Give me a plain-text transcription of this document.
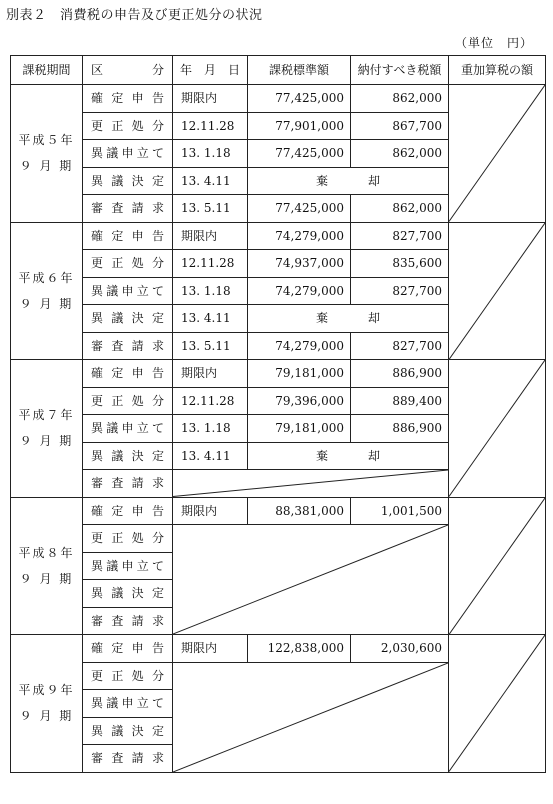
別表２　消費税の申告及び更正処分の状況
（単位　円）
課税期間	区　　分	年　月　日	課税標準額	納付すべき税額	重加算税の額

平成５年
９ 月 期	確定申告	期限内	77,425,000	862,000	

	更正処分	12.11.28	77,901,000	867,700	
	異議申立て	13. 1.18	77,425,000	862,000	
	異議決定	13. 4.11	棄却		
	審査請求	13. 5.11	77,425,000	862,000	

平成６年
９ 月 期	確定申告	期限内	74,279,000	827,700	

	更正処分	12.11.28	74,937,000	835,600	
	異議申立て	13. 1.18	74,279,000	827,700	
	異議決定	13. 4.11	棄却		
	審査請求	13. 5.11	74,279,000	827,700	

平成７年
９ 月 期	確定申告	期限内	79,181,000	886,900	

	更正処分	12.11.28	79,396,000	889,400	
	異議申立て	13. 1.18	79,181,000	886,900	
	異議決定	13. 4.11	棄却		
	審査請求	

平成８年
９ 月 期	確定申告	期限内	88,381,000	1,001,500	

	更正処分	

	異議申立て				
	異議決定				
	審査請求				

平成９年
９ 月 期	確定申告	期限内	122,838,000	2,030,600	

	更正処分	

	異議申立て				
	異議決定				
	審査請求				
